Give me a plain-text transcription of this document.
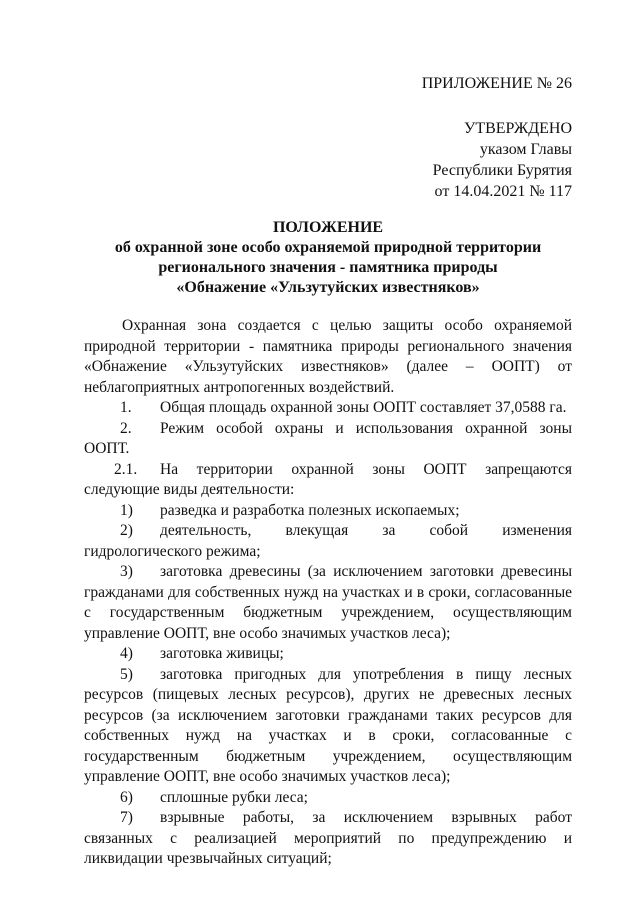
ПРИЛОЖЕНИЕ № 26
УТВЕРЖДЕНО
указом Главы
Республики Бурятия
от 14.04.2021 № 117
ПОЛОЖЕНИЕ
об охранной зоне особо охраняемой природной территории
регионального значения - памятника природы
«Обнажение «Ульзутуйских известняков»

Охранная зона создается с целью защиты особо охраняемой природной территории - памятника природы регионального значения «Обнажение «Ульзутуйских известняков» (далее – ООПТ) от неблагоприятных антропогенных воздействий.

1. Общая площадь охранной зоны ООПТ составляет 37,0588 га.

2. Режим особой охраны и использования охранной зоны ООПТ.

2.1. На территории охранной зоны ООПТ запрещаются следующие виды деятельности:

1) разведка и разработка полезных ископаемых;

2) деятельность, влекущая за собой изменения гидрологического режима;

3) заготовка древесины (за исключением заготовки древесины гражданами для собственных нужд на участках и в сроки, согласованные с государственным бюджетным учреждением, осуществляющим управление ООПТ, вне особо значимых участков леса);

4) заготовка живицы;

5) заготовка пригодных для употребления в пищу лесных ресурсов (пищевых лесных ресурсов), других не древесных лесных ресурсов (за исключением заготовки гражданами таких ресурсов для собственных нужд на участках и в сроки, согласованные с государственным бюджетным учреждением, осуществляющим управление ООПТ, вне особо значимых участков леса);

6) сплошные рубки леса;

7) взрывные работы, за исключением взрывных работ связанных с реализацией мероприятий по предупреждению и ликвидации чрезвычайных ситуаций;
